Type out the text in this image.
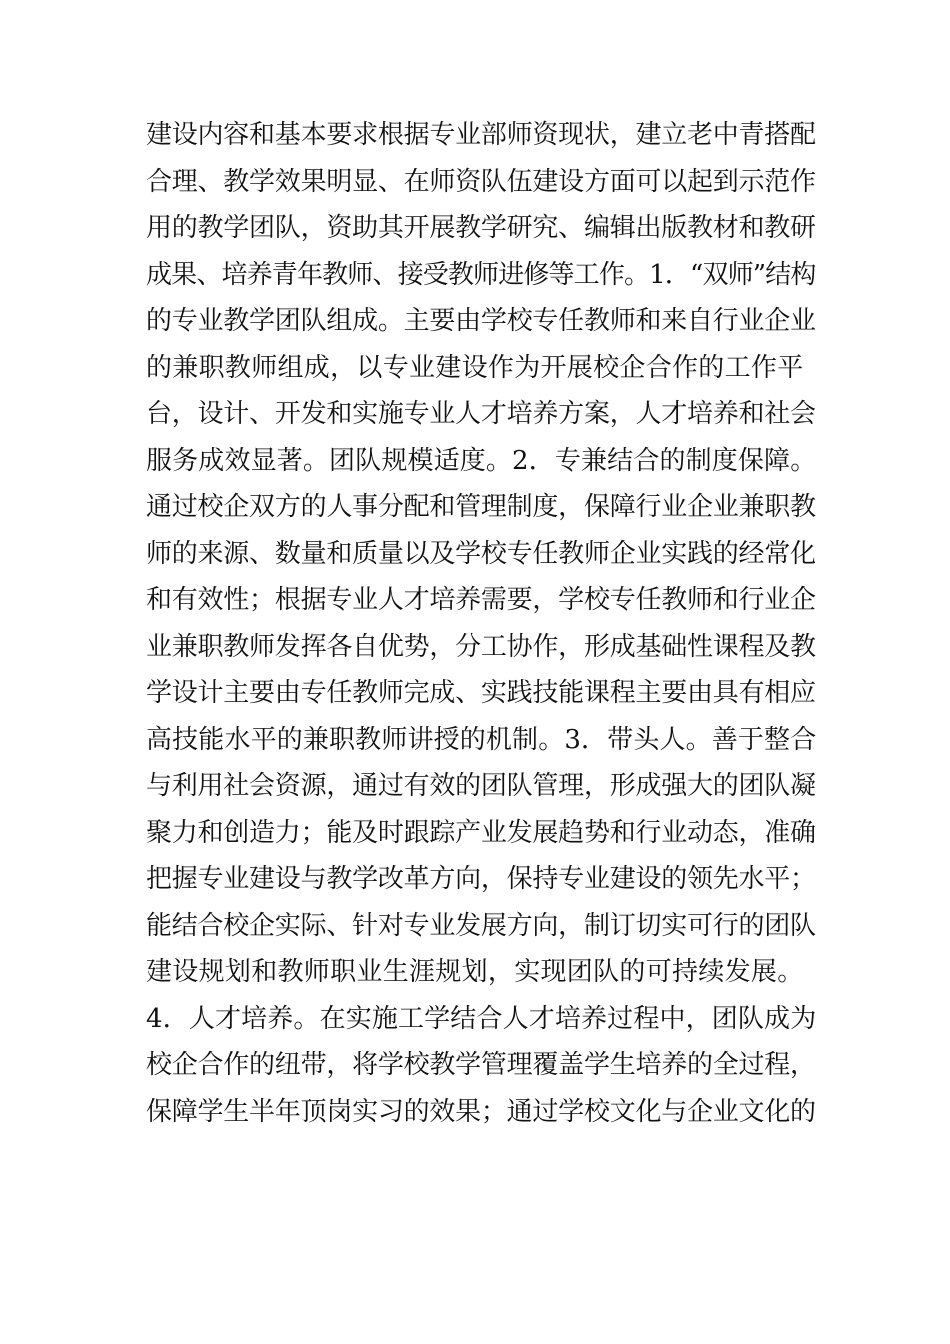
建设内容和基本要求根据专业部师资现状，建立老中青搭配
合理、教学效果明显、在师资队伍建设方面可以起到示范作
用的教学团队，资助其开展教学研究、编辑出版教材和教研
成果、培养青年教师、接受教师进修等工作。1．“双师”结构
的专业教学团队组成。主要由学校专任教师和来自行业企业
的兼职教师组成，以专业建设作为开展校企合作的工作平
台，设计、开发和实施专业人才培养方案，人才培养和社会
服务成效显著。团队规模适度。2．专兼结合的制度保障。
通过校企双方的人事分配和管理制度，保障行业企业兼职教
师的来源、数量和质量以及学校专任教师企业实践的经常化
和有效性；根据专业人才培养需要，学校专任教师和行业企
业兼职教师发挥各自优势，分工协作，形成基础性课程及教
学设计主要由专任教师完成、实践技能课程主要由具有相应
高技能水平的兼职教师讲授的机制。3．带头人。善于整合
与利用社会资源，通过有效的团队管理，形成强大的团队凝
聚力和创造力；能及时跟踪产业发展趋势和行业动态，准确
把握专业建设与教学改革方向，保持专业建设的领先水平；
能结合校企实际、针对专业发展方向，制订切实可行的团队
建设规划和教师职业生涯规划，实现团队的可持续发展。
4．人才培养。在实施工学结合人才培养过程中，团队成为
校企合作的纽带，将学校教学管理覆盖学生培养的全过程，
保障学生半年顶岗实习的效果；通过学校文化与企业文化的
